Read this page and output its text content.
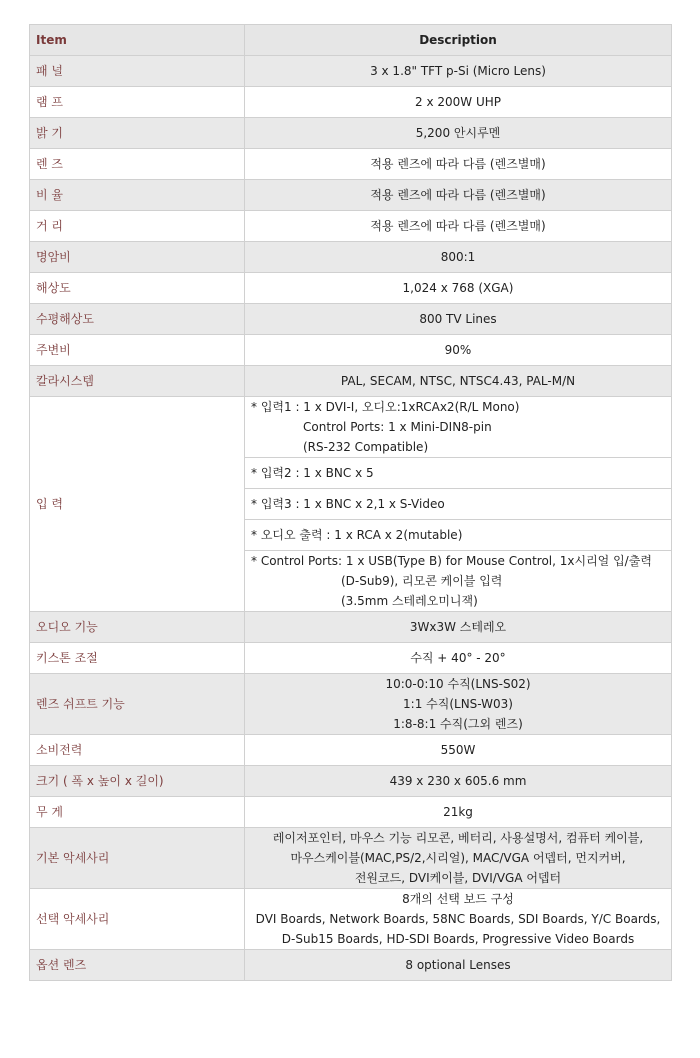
Item	Description
패 널	3 x 1.8" TFT p-Si (Micro Lens)
램 프	2 x 200W UHP
밝 기	5,200 안시루멘
렌 즈	적용 렌즈에 따라 다름 (렌즈별매)
비 율	적용 렌즈에 따라 다름 (렌즈별매)
거 리	적용 렌즈에 따라 다름 (렌즈별매)
명암비	800:1
해상도	1,024 x 768 (XGA)
수평해상도	800 TV Lines
주변비	90%
칼라시스템	PAL, SECAM, NTSC, NTSC4.43, PAL-M/N
입 력	* 입력1 : 1 x DVI-I, 오디오:1xRCAx2(R/L Mono)
Control Ports: 1 x Mini-DIN8-pin
(RS-232 Compatible)

	* 입력2 : 1 x BNC x 5

	* 입력3 : 1 x BNC x 2,1 x S-Video

	* 오디오 출력 : 1 x RCA x 2(mutable)

	* Control Ports: 1 x USB(Type B) for Mouse Control, 1x시리얼 입/출력
(D-Sub9), 리모콘 케이블 입력
(3.5mm 스테레오미니잭)

오디오 기능	3Wx3W 스테레오

키스톤 조절	수직 + 40° - 20°

렌즈 쉬프트 기능	10:0-0:10 수직(LNS-S02)
1:1 수직(LNS-W03)
1:8-8:1 수직(그외 렌즈)

소비전력	550W

크기 ( 폭 x 높이 x 길이)	439 x 230 x 605.6 mm

무 게	21kg

기본 악세사리	레이저포인터, 마우스 기능 리모콘, 베터리, 사용설명서, 컴퓨터 케이블,
마우스케이블(MAC,PS/2,시리얼), MAC/VGA 어뎁터, 먼지커버,
전원코드, DVI케이블, DVI/VGA 어뎁터

선택 악세사리	8개의 선택 보드 구성
DVI Boards, Network Boards, 58NC Boards, SDI Boards, Y/C Boards,
D-Sub15 Boards, HD-SDI Boards, Progressive Video Boards

옵션 렌즈	8 optional Lenses
